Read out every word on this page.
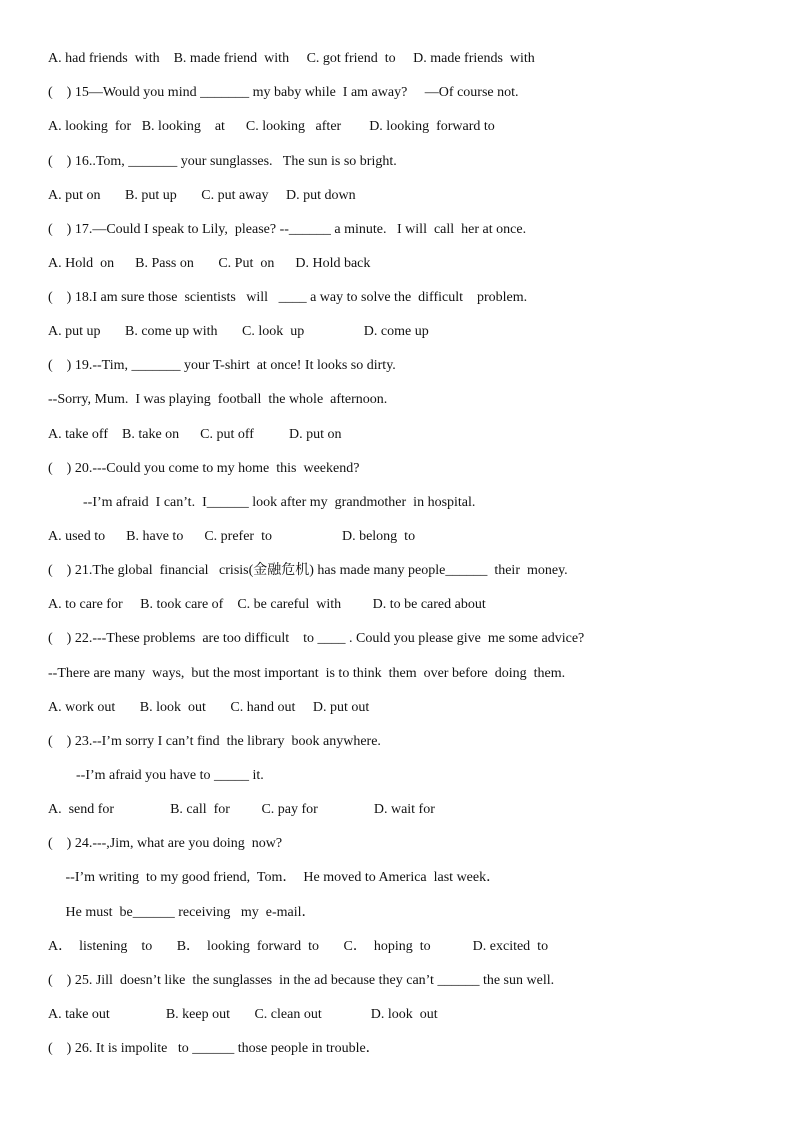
A. had friends  with    B. made friend  with     C. got friend  to     D. made friends  with
(    ) 15—Would you mind _______ my baby while  I am away?     —Of course not.
A. looking  for   B. looking    at      C. looking   after        D. looking  forward to
(    ) 16..Tom, _______ your sunglasses.   The sun is so bright.
A. put on       B. put up       C. put away     D. put down
(    ) 17.—Could I speak to Lily,  please? --______ a minute.   I will  call  her at once.
A. Hold  on      B. Pass on       C. Put  on      D. Hold back
(    ) 18.I am sure those  scientists   will   ____ a way to solve the  difficult    problem.
A. put up       B. come up with       C. look  up                 D. come up
(    ) 19.--Tim, _______ your T-shirt  at once! It looks so dirty.
--Sorry, Mum.  I was playing  football  the whole  afternoon.
A. take off    B. take on      C. put off          D. put on
(    ) 20.---Could you come to my home  this  weekend?
--I’m afraid  I can’t.  I______ look after my  grandmother  in hospital.
A. used to      B. have to      C. prefer  to                    D. belong  to
(    ) 21.The global  financial   crisis(金融危机) has made many people______  their  money.
A. to care for     B. took care of    C. be careful  with         D. to be cared about
(    ) 22.---These problems  are too difficult    to ____ . Could you please give  me some advice?
--There are many  ways,  but the most important  is to think  them  over before  doing  them.
A. work out       B. look  out       C. hand out     D. put out
(    ) 23.--I’m sorry I can’t find  the library  book anywhere.
--I’m afraid you have to _____ it.
A.  send for                B. call  for         C. pay for                D. wait for
(    ) 24.---,Jim, what are you doing  now?
--I’m writing  to my good friend,  Tom．  He moved to America  last week．
He must  be______ receiving   my  e-mail．
A．  listening    to       B．  looking  forward  to       C．  hoping  to            D. excited  to
(    ) 25. Jill  doesn’t like  the sunglasses  in the ad because they can’t ______ the sun well.
A. take out                B. keep out       C. clean out              D. look  out
(    ) 26. It is impolite   to ______ those people in trouble．
